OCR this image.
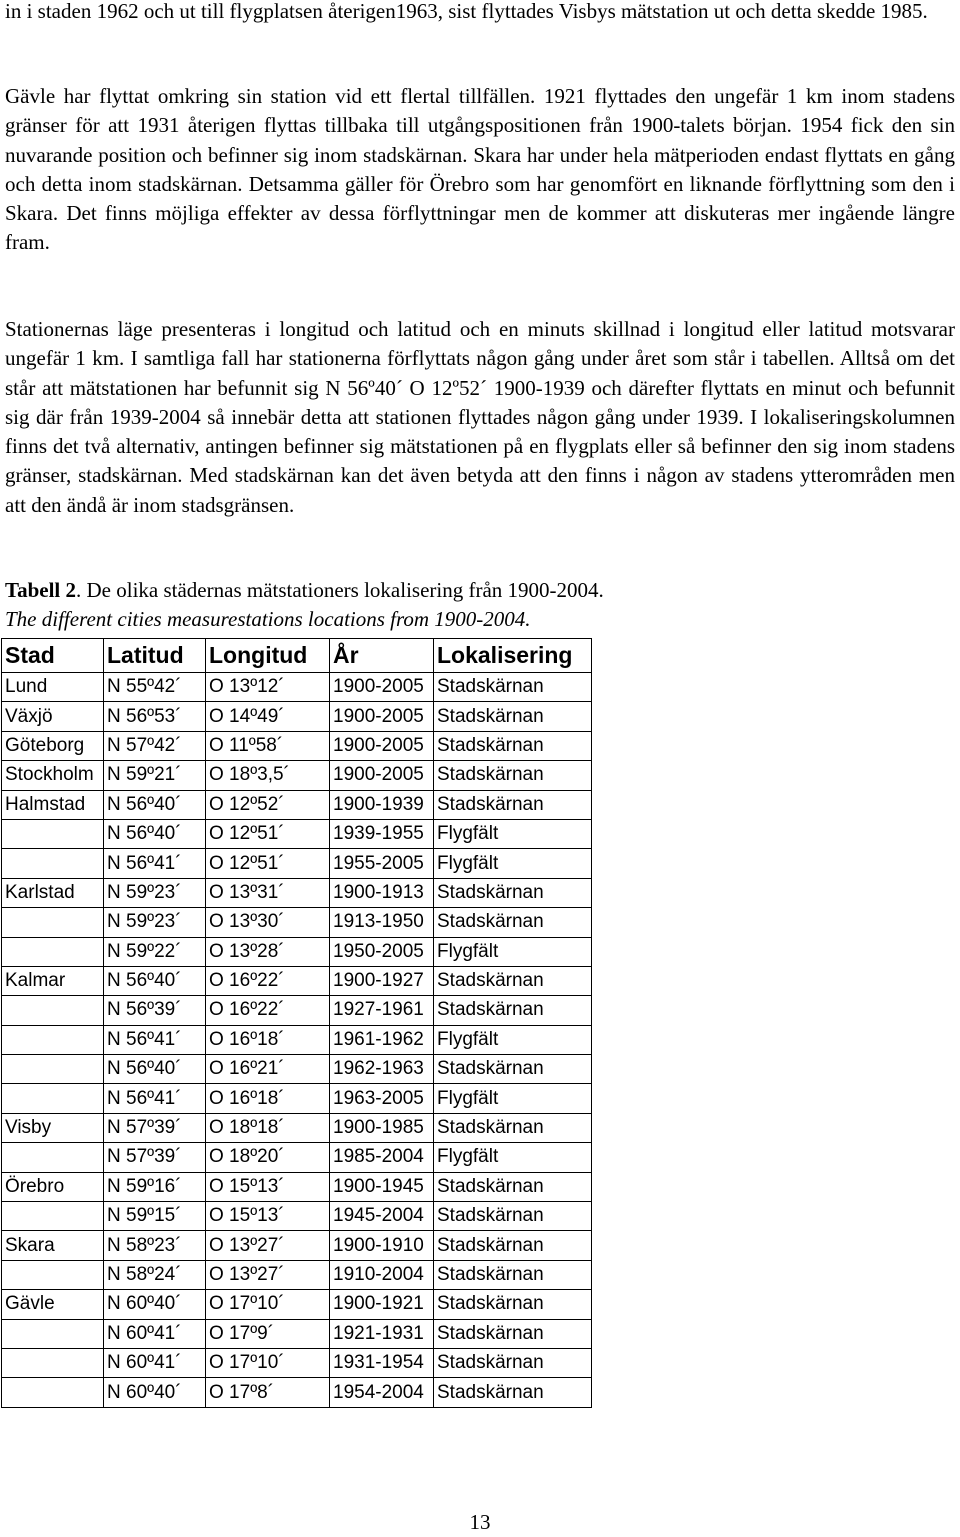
in i staden 1962 och ut till flygplatsen återigen1963, sist flyttades Visbys mätstation ut och detta skedde 1985.

Gävle har flyttat omkring sin station vid ett flertal tillfällen. 1921 flyttades den ungefär 1 km inom stadens gränser för att 1931 återigen flyttas tillbaka till utgångspositionen från 1900-talets början. 1954 fick den sin nuvarande position och befinner sig inom stadskärnan. Skara har under hela mätperioden endast flyttats en gång och detta inom stadskärnan. Detsamma gäller för Örebro som har genomfört en liknande förflyttning som den i Skara. Det finns möjliga effekter av dessa förflyttningar men de kommer att diskuteras mer ingående längre fram.

Stationernas läge presenteras i longitud och latitud och en minuts skillnad i longitud eller latitud motsvarar ungefär 1 km. I samtliga fall har stationerna förflyttats någon gång under året som står i tabellen. Alltså om det står att mätstationen har befunnit sig N 56º40´ O 12º52´ 1900-1939 och därefter flyttats en minut och befunnit sig där från 1939-2004 så innebär detta att stationen flyttades någon gång under 1939. I lokaliseringskolumnen finns det två alternativ, antingen befinner sig mätstationen på en flygplats eller så befinner den sig inom stadens gränser, stadskärnan. Med stadskärnan kan det även betyda att den finns i någon av stadens ytterområden men att den ändå är inom stadsgränsen.

Tabell 2. De olika städernas mätstationers lokalisering från 1900-2004.

The different cities measurestations locations from 1900-2004.

Stad	Latitud	Longitud	År	Lokalisering
Lund	N 55º42´	O 13º12´	1900-2005	Stadskärnan
Växjö	N 56º53´	O 14º49´	1900-2005	Stadskärnan
Göteborg	N 57º42´	O 11º58´	1900-2005	Stadskärnan
Stockholm	N 59º21´	O 18º3,5´	1900-2005	Stadskärnan
Halmstad	N 56º40´	O 12º52´	1900-1939	Stadskärnan
	N 56º40´	O 12º51´	1939-1955	Flygfält
	N 56º41´	O 12º51´	1955-2005	Flygfält
Karlstad	N 59º23´	O 13º31´	1900-1913	Stadskärnan
	N 59º23´	O 13º30´	1913-1950	Stadskärnan
	N 59º22´	O 13º28´	1950-2005	Flygfält
Kalmar	N 56º40´	O 16º22´	1900-1927	Stadskärnan
	N 56º39´	O 16º22´	1927-1961	Stadskärnan
	N 56º41´	O 16º18´	1961-1962	Flygfält
	N 56º40´	O 16º21´	1962-1963	Stadskärnan
	N 56º41´	O 16º18´	1963-2005	Flygfält
Visby	N 57º39´	O 18º18´	1900-1985	Stadskärnan
	N 57º39´	O 18º20´	1985-2004	Flygfält
Örebro	N 59º16´	O 15º13´	1900-1945	Stadskärnan
	N 59º15´	O 15º13´	1945-2004	Stadskärnan
Skara	N 58º23´	O 13º27´	1900-1910	Stadskärnan
	N 58º24´	O 13º27´	1910-2004	Stadskärnan
Gävle	N 60º40´	O 17º10´	1900-1921	Stadskärnan
	N 60º41´	O 17º9´	1921-1931	Stadskärnan
	N 60º41´	O 17º10´	1931-1954	Stadskärnan
	N 60º40´	O 17º8´	1954-2004	Stadskärnan
13
